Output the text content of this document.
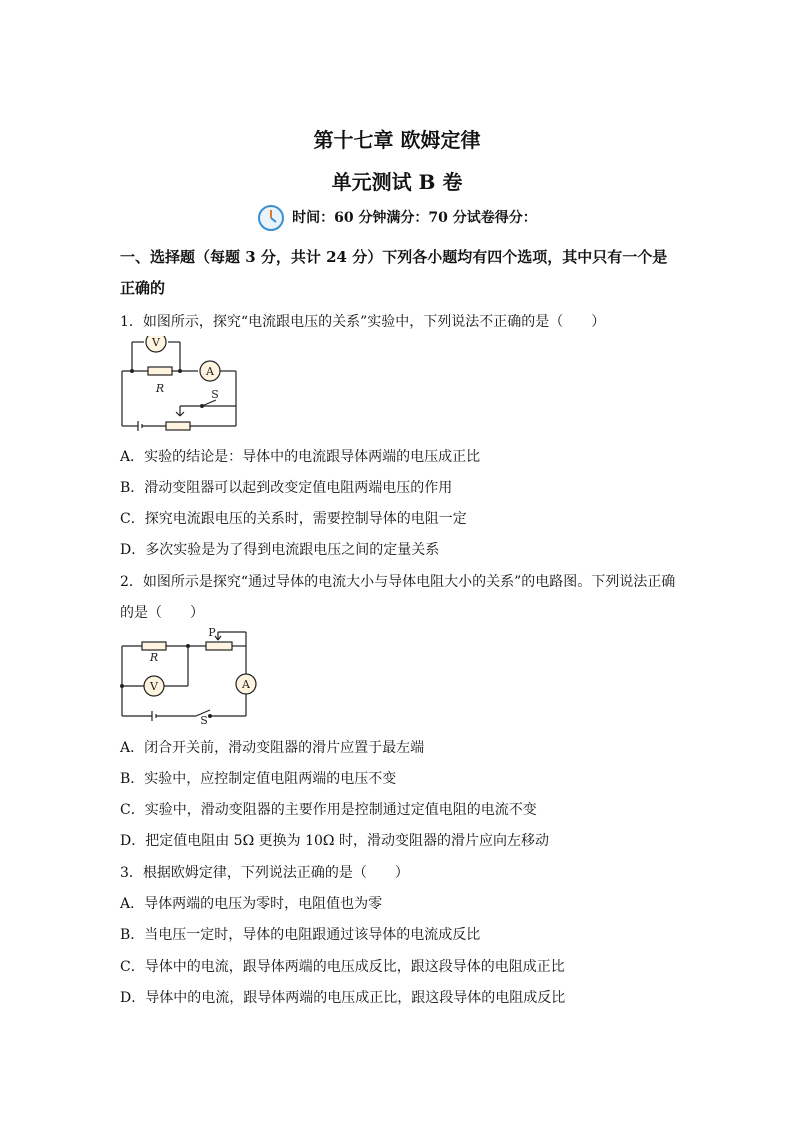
第十七章 欧姆定律
单元测试 B 卷
时间：60 分钟满分：70 分试卷得分：
一、选择题（每题 3 分，共计 24 分）下列各小题均有四个选项，其中只有一个是正确的
1．如图所示，探究“电流跟电压的关系”实验中，下列说法不正确的是（　　）
V
A
R	S
A．实验的结论是：导体中的电流跟导体两端的电压成正比
B．滑动变阻器可以起到改变定值电阻两端电压的作用
C．探究电流跟电压的关系时，需要控制导体的电阻一定
D．多次实验是为了得到电流跟电压之间的定量关系
2．如图所示是探究“通过导体的电流大小与导体电阻大小的关系”的电路图。下列说法正确
的是（　　）
R
P
V	A
S
A．闭合开关前，滑动变阻器的滑片应置于最左端
B．实验中，应控制定值电阻两端的电压不变
C．实验中，滑动变阻器的主要作用是控制通过定值电阻的电流不变
D．把定值电阻由 5Ω 更换为 10Ω 时，滑动变阻器的滑片应向左移动
3．根据欧姆定律，下列说法正确的是（　　）
A．导体两端的电压为零时，电阻值也为零
B．当电压一定时，导体的电阻跟通过该导体的电流成反比
C．导体中的电流，跟导体两端的电压成反比，跟这段导体的电阻成正比
D．导体中的电流，跟导体两端的电压成正比，跟这段导体的电阻成反比
